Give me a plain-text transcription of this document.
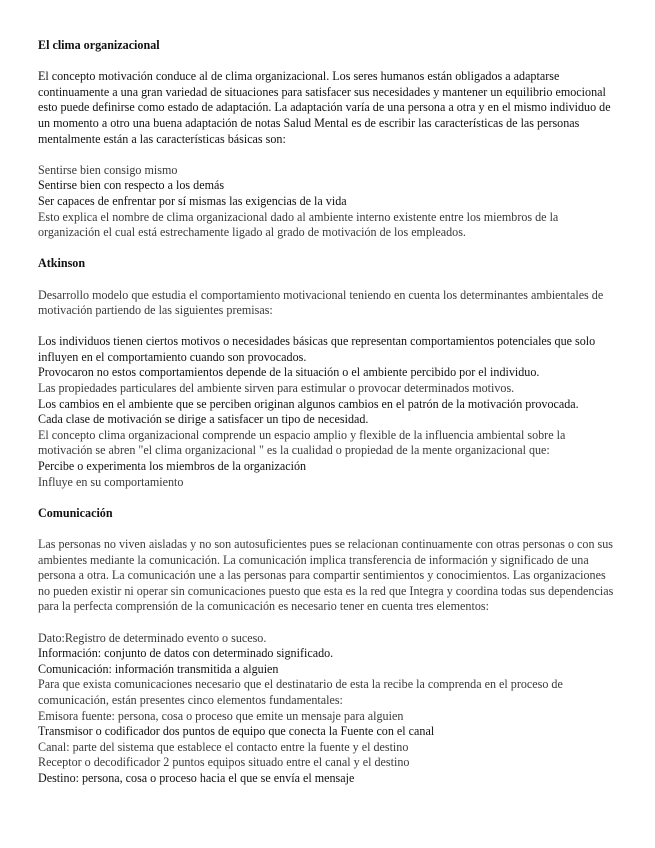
El clima organizacional

El concepto motivación conduce al de clima organizacional. Los seres humanos están obligados a adaptarse continuamente a una gran variedad de situaciones para satisfacer sus necesidades y mantener un equilibrio emocional esto puede definirse como estado de adaptación. La adaptación varía de una persona a otra y en el mismo individuo de un momento a otro una buena adaptación de notas Salud Mental es de escribir las características de las personas mentalmente están a las características básicas son:

Sentirse bien consigo mismo

Sentirse bien con respecto a los demás

Ser capaces de enfrentar por sí mismas las exigencias de la vida

Esto explica el nombre de clima organizacional dado al ambiente interno existente entre los miembros de la organización el cual está estrechamente ligado al grado de motivación de los empleados.

Atkinson

Desarrollo modelo que estudia el comportamiento motivacional teniendo en cuenta los determinantes ambientales de motivación partiendo de las siguientes premisas:

Los individuos tienen ciertos motivos o necesidades básicas que representan comportamientos potenciales que solo influyen en el comportamiento cuando son provocados.

Provocaron no estos comportamientos depende de la situación o el ambiente percibido por el individuo.

Las propiedades particulares del ambiente sirven para estimular o provocar determinados motivos.

Los cambios en el ambiente que se perciben originan algunos cambios en el patrón de la motivación provocada.

Cada clase de motivación se dirige a satisfacer un tipo de necesidad.

El concepto clima organizacional comprende un espacio amplio y flexible de la influencia ambiental sobre la motivación se abren "el clima organizacional " es la cualidad o propiedad de la mente organizacional que:

Percibe o experimenta los miembros de la organización

Influye en su comportamiento

Comunicación

Las personas no viven aisladas y no son autosuficientes pues se relacionan continuamente con otras personas o con sus ambientes mediante la comunicación. La comunicación implica transferencia de información y significado de una persona a otra. La comunicación une a las personas para compartir sentimientos y conocimientos. Las organizaciones no pueden existir ni operar sin comunicaciones puesto que esta es la red que Integra y coordina todas sus dependencias para la perfecta comprensión de la comunicación es necesario tener en cuenta tres elementos:

Dato:Registro de determinado evento o suceso.

Información: conjunto de datos con determinado significado.

Comunicación: información transmitida a alguien

Para que exista comunicaciones necesario que el destinatario de esta la recibe la comprenda en el proceso de comunicación, están presentes cinco elementos fundamentales:

Emisora fuente: persona, cosa o proceso que emite un mensaje para alguien

Transmisor o codificador dos puntos de equipo que conecta la Fuente con el canal

Canal: parte del sistema que establece el contacto entre la fuente y el destino

Receptor o decodificador 2 puntos equipos situado entre el canal y el destino

Destino: persona, cosa o proceso hacia el que se envía el mensaje
